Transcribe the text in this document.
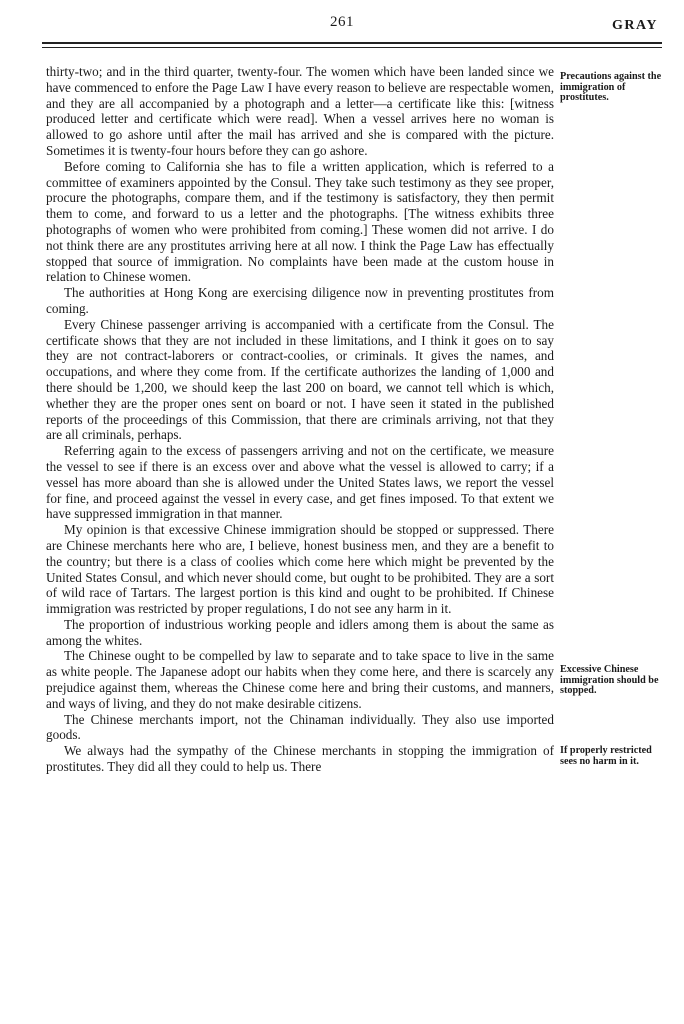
261	GRAY

thirty-two; and in the third quarter, twenty-four. The women which have been landed since we have commenced to enfore the Page Law I have every reason to believe are respectable women, and they are all accompanied by a photograph and a letter—a certificate like this: [witness produced letter and certificate which were read]. When a vessel arrives here no woman is allowed to go ashore until after the mail has arrived and she is compared with the picture. Sometimes it is twenty-four hours before they can go ashore.

Before coming to California she has to file a written application, which is referred to a committee of examiners appointed by the Consul. They take such testimony as they see proper, procure the photographs, compare them, and if the testimony is satisfactory, they then permit them to come, and forward to us a letter and the photographs. [The witness exhibits three photographs of women who were prohibited from coming.] These women did not arrive. I do not think there are any prostitutes arriving here at all now. I think the Page Law has effectually stopped that source of immigration. No complaints have been made at the custom house in relation to Chinese women.

The authorities at Hong Kong are exercising diligence now in preventing prostitutes from coming.

Every Chinese passenger arriving is accompanied with a certificate from the Consul. The certificate shows that they are not included in these limitations, and I think it goes on to say they are not contract-laborers or contract-coolies, or criminals. It gives the names, and occupations, and where they come from. If the certificate authorizes the landing of 1,000 and there should be 1,200, we should keep the last 200 on board, we cannot tell which is which, whether they are the proper ones sent on board or not. I have seen it stated in the published reports of the proceedings of this Commission, that there are criminals arriving, not that they are all criminals, perhaps.

Referring again to the excess of passengers arriving and not on the certificate, we measure the vessel to see if there is an excess over and above what the vessel is allowed to carry; if a vessel has more aboard than she is allowed under the United States laws, we report the vessel for fine, and proceed against the vessel in every case, and get fines imposed. To that extent we have suppressed immigration in that manner.

My opinion is that excessive Chinese immigration should be stopped or suppressed. There are Chinese merchants here who are, I believe, honest business men, and they are a benefit to the country; but there is a class of coolies which come here which might be prevented by the United States Consul, and which never should come, but ought to be prohibited. They are a sort of wild race of Tartars. The largest portion is this kind and ought to be prohibited. If Chinese immigration was restricted by proper regulations, I do not see any harm in it.

The proportion of industrious working people and idlers among them is about the same as among the whites.

The Chinese ought to be compelled by law to separate and to take space to live in the same as white people. The Japanese adopt our habits when they come here, and there is scarcely any prejudice against them, whereas the Chinese come here and bring their customs, and manners, and ways of living, and they do not make desirable citizens.

The Chinese merchants import, not the Chinaman individually. They also use imported goods.

We always had the sympathy of the Chinese merchants in stopping the immigration of prostitutes. They did all they could to help us. There

Precautions against the immigration of prostitutes.
Excessive Chinese immigration should be stopped.
If properly restricted sees no harm in it.
